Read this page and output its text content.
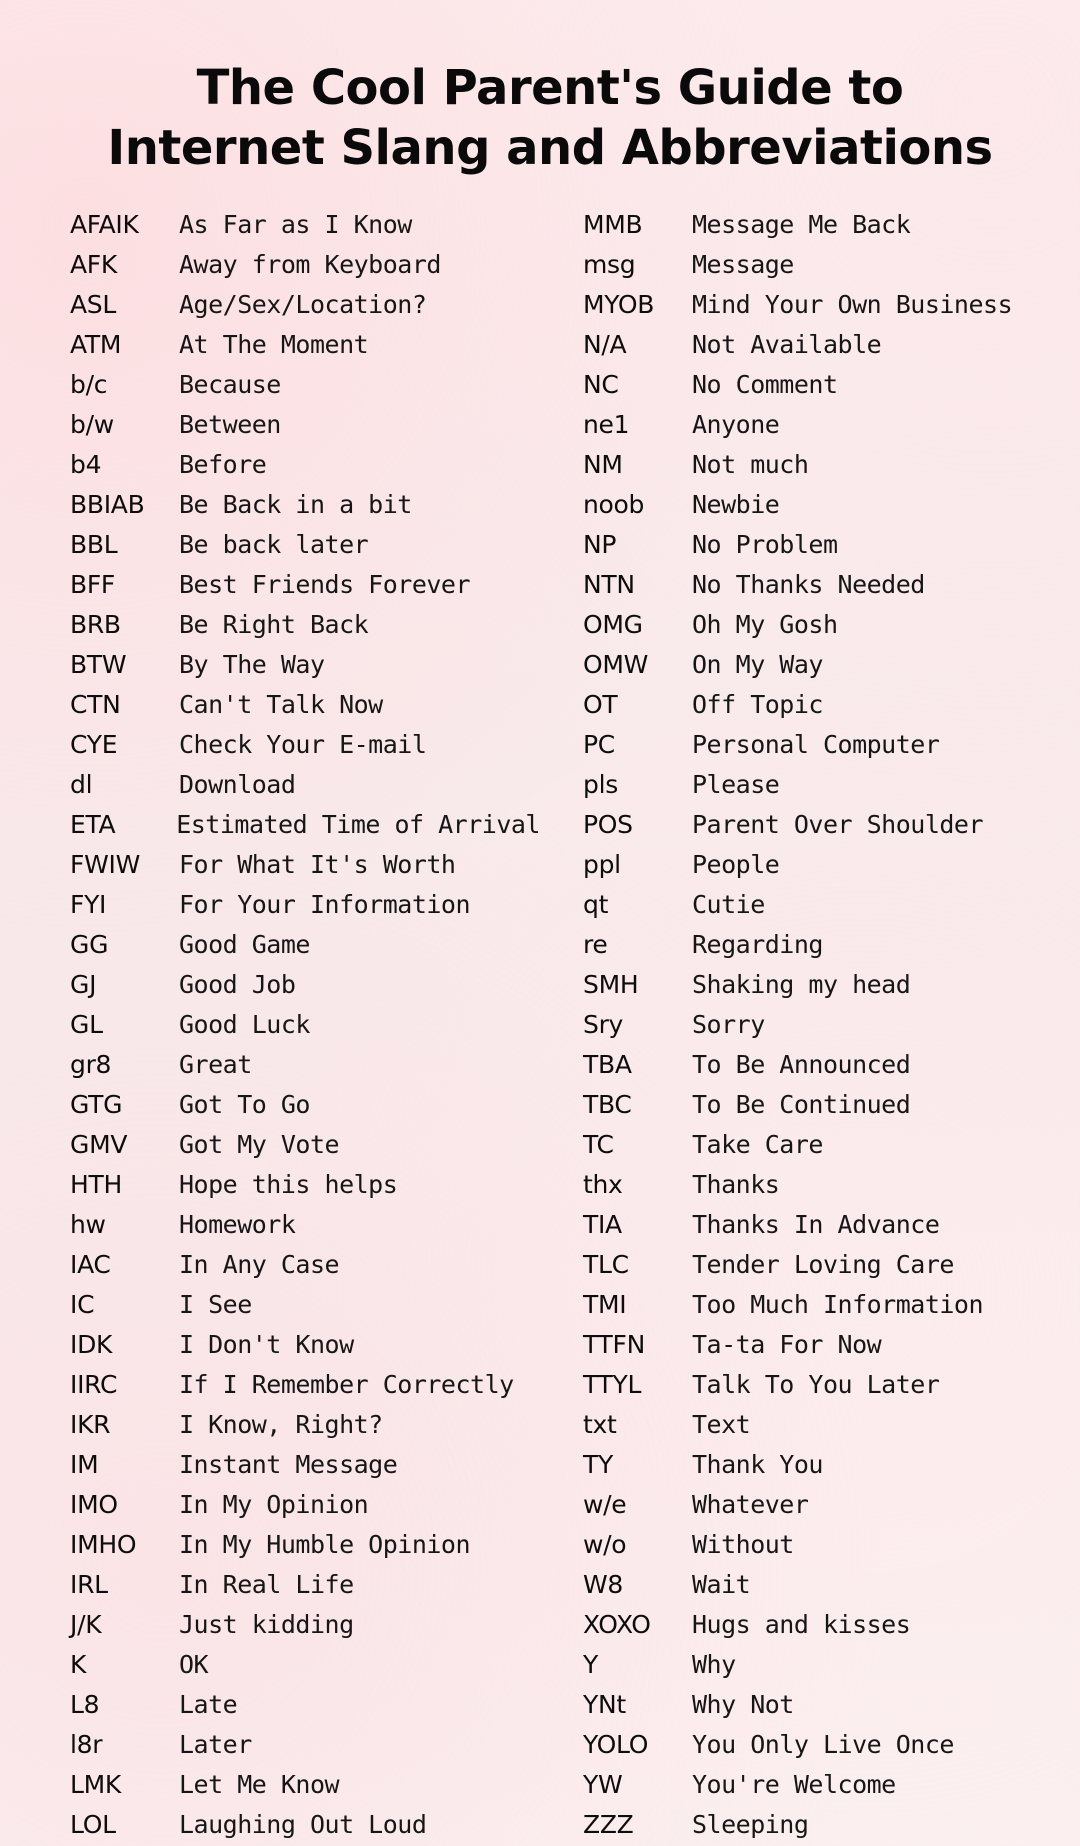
The Cool Parent's Guide to
Internet Slang and Abbreviations
AFAIK	As Far as I Know
AFK	Away from Keyboard
ASL	Age/Sex/Location?
ATM	At The Moment
b/c	Because
b/w	Between
b4	Before
BBIAB	Be Back in a bit
BBL	Be back later
BFF	Best Friends Forever
BRB	Be Right Back
BTW	By The Way
CTN	Can't Talk Now
CYE	Check Your E-mail
dl	Download
ETA	Estimated Time of Arrival
FWIW	For What It's Worth
FYI	For Your Information
GG	Good Game
GJ	Good Job
GL	Good Luck
gr8	Great
GTG	Got To Go
GMV	Got My Vote
HTH	Hope this helps
hw	Homework
IAC	In Any Case
IC	I See
IDK	I Don't Know
IIRC	If I Remember Correctly
IKR	I Know, Right?
IM	Instant Message
IMO	In My Opinion
IMHO	In My Humble Opinion
IRL	In Real Life
J/K	Just kidding
K	OK
L8	Late
l8r	Later
LMK	Let Me Know
LOL	Laughing Out Loud
MMB	Message Me Back
msg	Message
MYOB	Mind Your Own Business
N/A	Not Available
NC	No Comment
ne1	Anyone
NM	Not much
noob	Newbie
NP	No Problem
NTN	No Thanks Needed
OMG	Oh My Gosh
OMW	On My Way
OT	Off Topic
PC	Personal Computer
pls	Please
POS	Parent Over Shoulder
ppl	People
qt	Cutie
re	Regarding
SMH	Shaking my head
Sry	Sorry
TBA	To Be Announced
TBC	To Be Continued
TC	Take Care
thx	Thanks
TIA	Thanks In Advance
TLC	Tender Loving Care
TMI	Too Much Information
TTFN	Ta-ta For Now
TTYL	Talk To You Later
txt	Text
TY	Thank You
w/e	Whatever
w/o	Without
W8	Wait
XOXO	Hugs and kisses
Y	Why
YNt	Why Not
YOLO	You Only Live Once
YW	You're Welcome
ZZZ	Sleeping
